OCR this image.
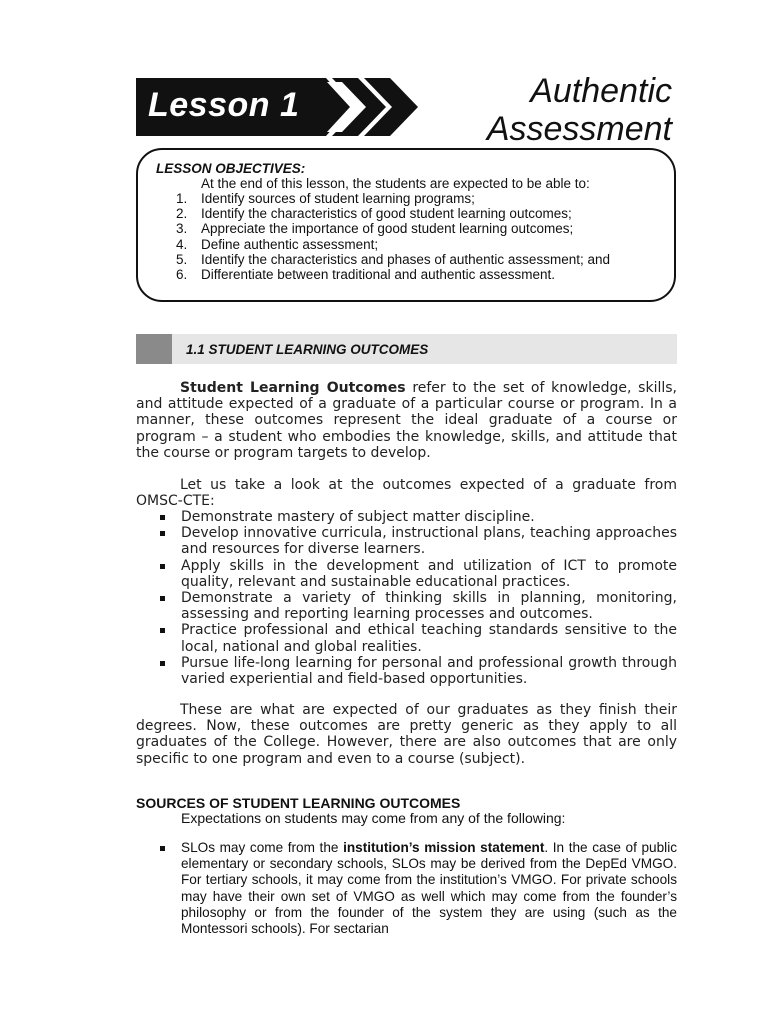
Lesson 1	Authentic
Assessment
LESSON OBJECTIVES:
At the end of this lesson, the students are expected to be able to:
1.	Identify sources of student learning programs;
2.	Identify the characteristics of good student learning outcomes;
3.	Appreciate the importance of good student learning outcomes;
4.	Define authentic assessment;
5.	Identify the characteristics and phases of authentic assessment; and
6.	Differentiate between traditional and authentic assessment.
1.1 STUDENT LEARNING OUTCOMES

Student Learning Outcomes refer to the set of knowledge, skills, and attitude expected of a graduate of a particular course or program. In a manner, these outcomes represent the ideal graduate of a course or program – a student who embodies the knowledge, skills, and attitude that the course or program targets to develop.

Let us take a look at the outcomes expected of a graduate from OMSC-CTE:

Demonstrate mastery of subject matter discipline.
Develop innovative curricula, instructional plans, teaching approaches and resources for diverse learners.
Apply skills in the development and utilization of ICT to promote quality, relevant and sustainable educational practices.
Demonstrate a variety of thinking skills in planning, monitoring, assessing and reporting learning processes and outcomes.
Practice professional and ethical teaching standards sensitive to the local, national and global realities.
Pursue life-long learning for personal and professional growth through varied experiential and field-based opportunities.

These are what are expected of our graduates as they finish their degrees. Now, these outcomes are pretty generic as they apply to all graduates of the College. However, there are also outcomes that are only specific to one program and even to a course (subject).

SOURCES OF STUDENT LEARNING OUTCOMES
Expectations on students may come from any of the following:

SLOs may come from the institution’s mission statement. In the case of public elementary or secondary schools, SLOs may be derived from the DepEd VMGO. For tertiary schools, it may come from the institution’s VMGO. For private schools may have their own set of VMGO as well which may come from the founder’s philosophy or from the founder of the system they are using (such as the Montessori schools). For sectarian
